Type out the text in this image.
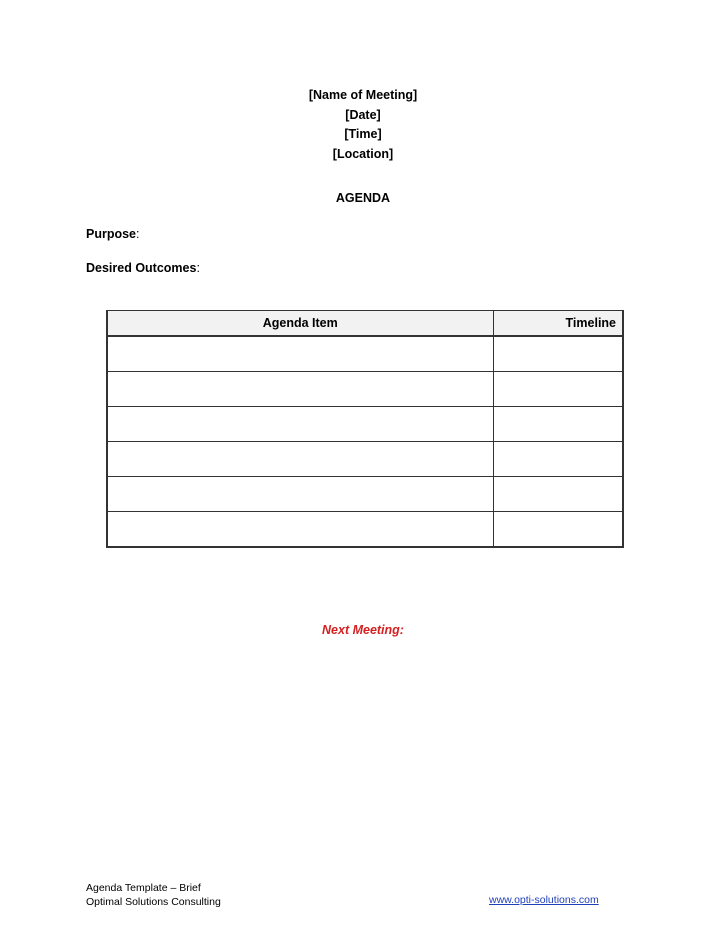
[Name of Meeting]
[Date]
[Time]
[Location]
AGENDA
Purpose:
Desired Outcomes:
Agenda Item	Timeline

Next Meeting:
Agenda Template – Brief
Optimal Solutions Consulting	www.opti-solutions.com
